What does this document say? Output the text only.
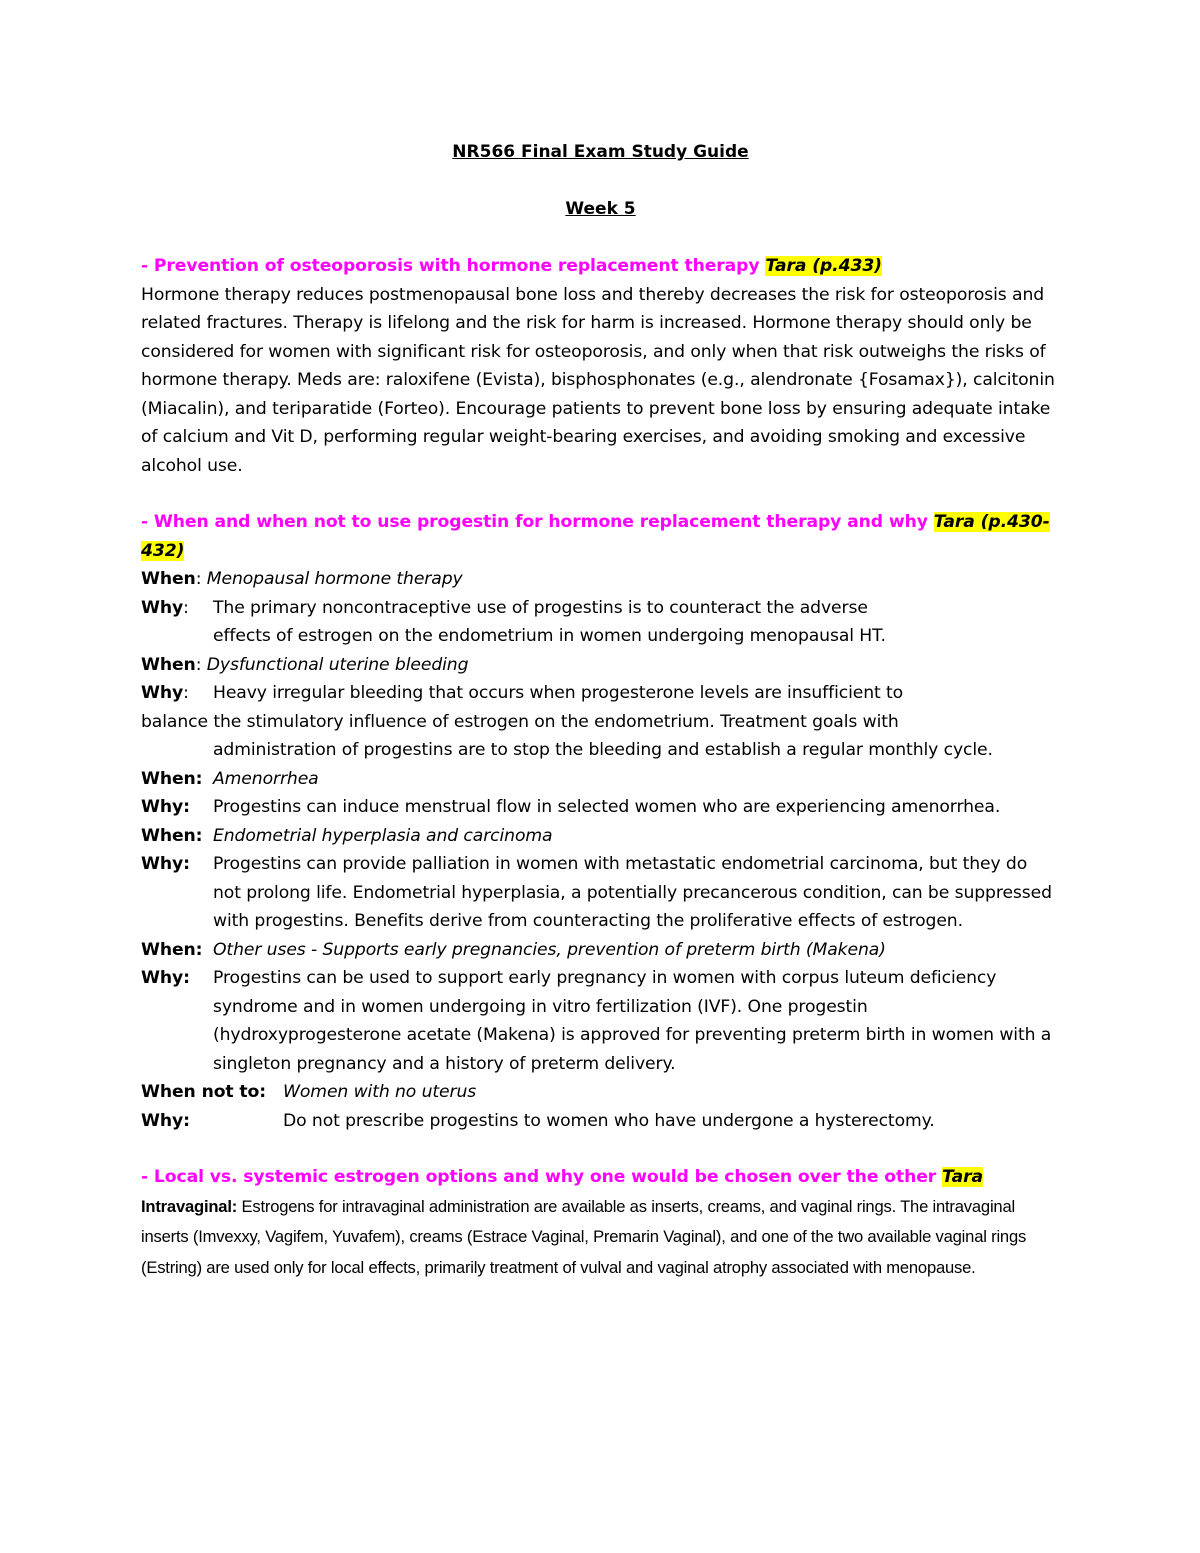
NR566 Final Exam Study Guide
Week 5
- Prevention of osteoporosis with hormone replacement therapy Tara (p.433)
Hormone therapy reduces postmenopausal bone loss and thereby decreases the risk for osteoporosis and related fractures. Therapy is lifelong and the risk for harm is increased. Hormone therapy should only be considered for women with significant risk for osteoporosis, and only when that risk outweighs the risks of hormone therapy. Meds are: raloxifene (Evista), bisphosphonates (e.g., alendronate {Fosamax}), calcitonin (Miacalin), and teriparatide (Forteo). Encourage patients to prevent bone loss by ensuring adequate intake of calcium and Vit D, performing regular weight-bearing exercises, and avoiding smoking and excessive alcohol use.
- When and when not to use progestin for hormone replacement therapy and why Tara (p.430-432)
When: Menopausal hormone therapy
Why:	The primary noncontraceptive use of progestins is to counteract the adverse
effects of estrogen on the endometrium in women undergoing menopausal HT.
When: Dysfunctional uterine bleeding
Why:	Heavy irregular bleeding that occurs when progesterone levels are insufficient to
balance the stimulatory influence of estrogen on the endometrium. Treatment goals with
administration of progestins are to stop the bleeding and establish a regular monthly cycle.
When: Amenorrhea
Why:	Progestins can induce menstrual flow in selected women who are experiencing amenorrhea.
When: Endometrial hyperplasia and carcinoma
Why:	Progestins can provide palliation in women with metastatic endometrial carcinoma, but they do not prolong life. Endometrial hyperplasia, a potentially precancerous condition, can be suppressed with progestins. Benefits derive from counteracting the proliferative effects of estrogen.
When: Other uses - Supports early pregnancies, prevention of preterm birth (Makena)
Why:	Progestins can be used to support early pregnancy in women with corpus luteum deficiency syndrome and in women undergoing in vitro fertilization (IVF). One progestin (hydroxyprogesterone acetate (Makena) is approved for preventing preterm birth in women with a singleton pregnancy and a history of preterm delivery.
When not to: Women with no uterus
Why:	Do not prescribe progestins to women who have undergone a hysterectomy.
- Local vs. systemic estrogen options and why one would be chosen over the other Tara
Intravaginal: Estrogens for intravaginal administration are available as inserts, creams, and vaginal rings. The intravaginal inserts (Imvexxy, Vagifem, Yuvafem), creams (Estrace Vaginal, Premarin Vaginal), and one of the two available vaginal rings (Estring) are used only for local effects, primarily treatment of vulval and vaginal atrophy associated with menopause.
